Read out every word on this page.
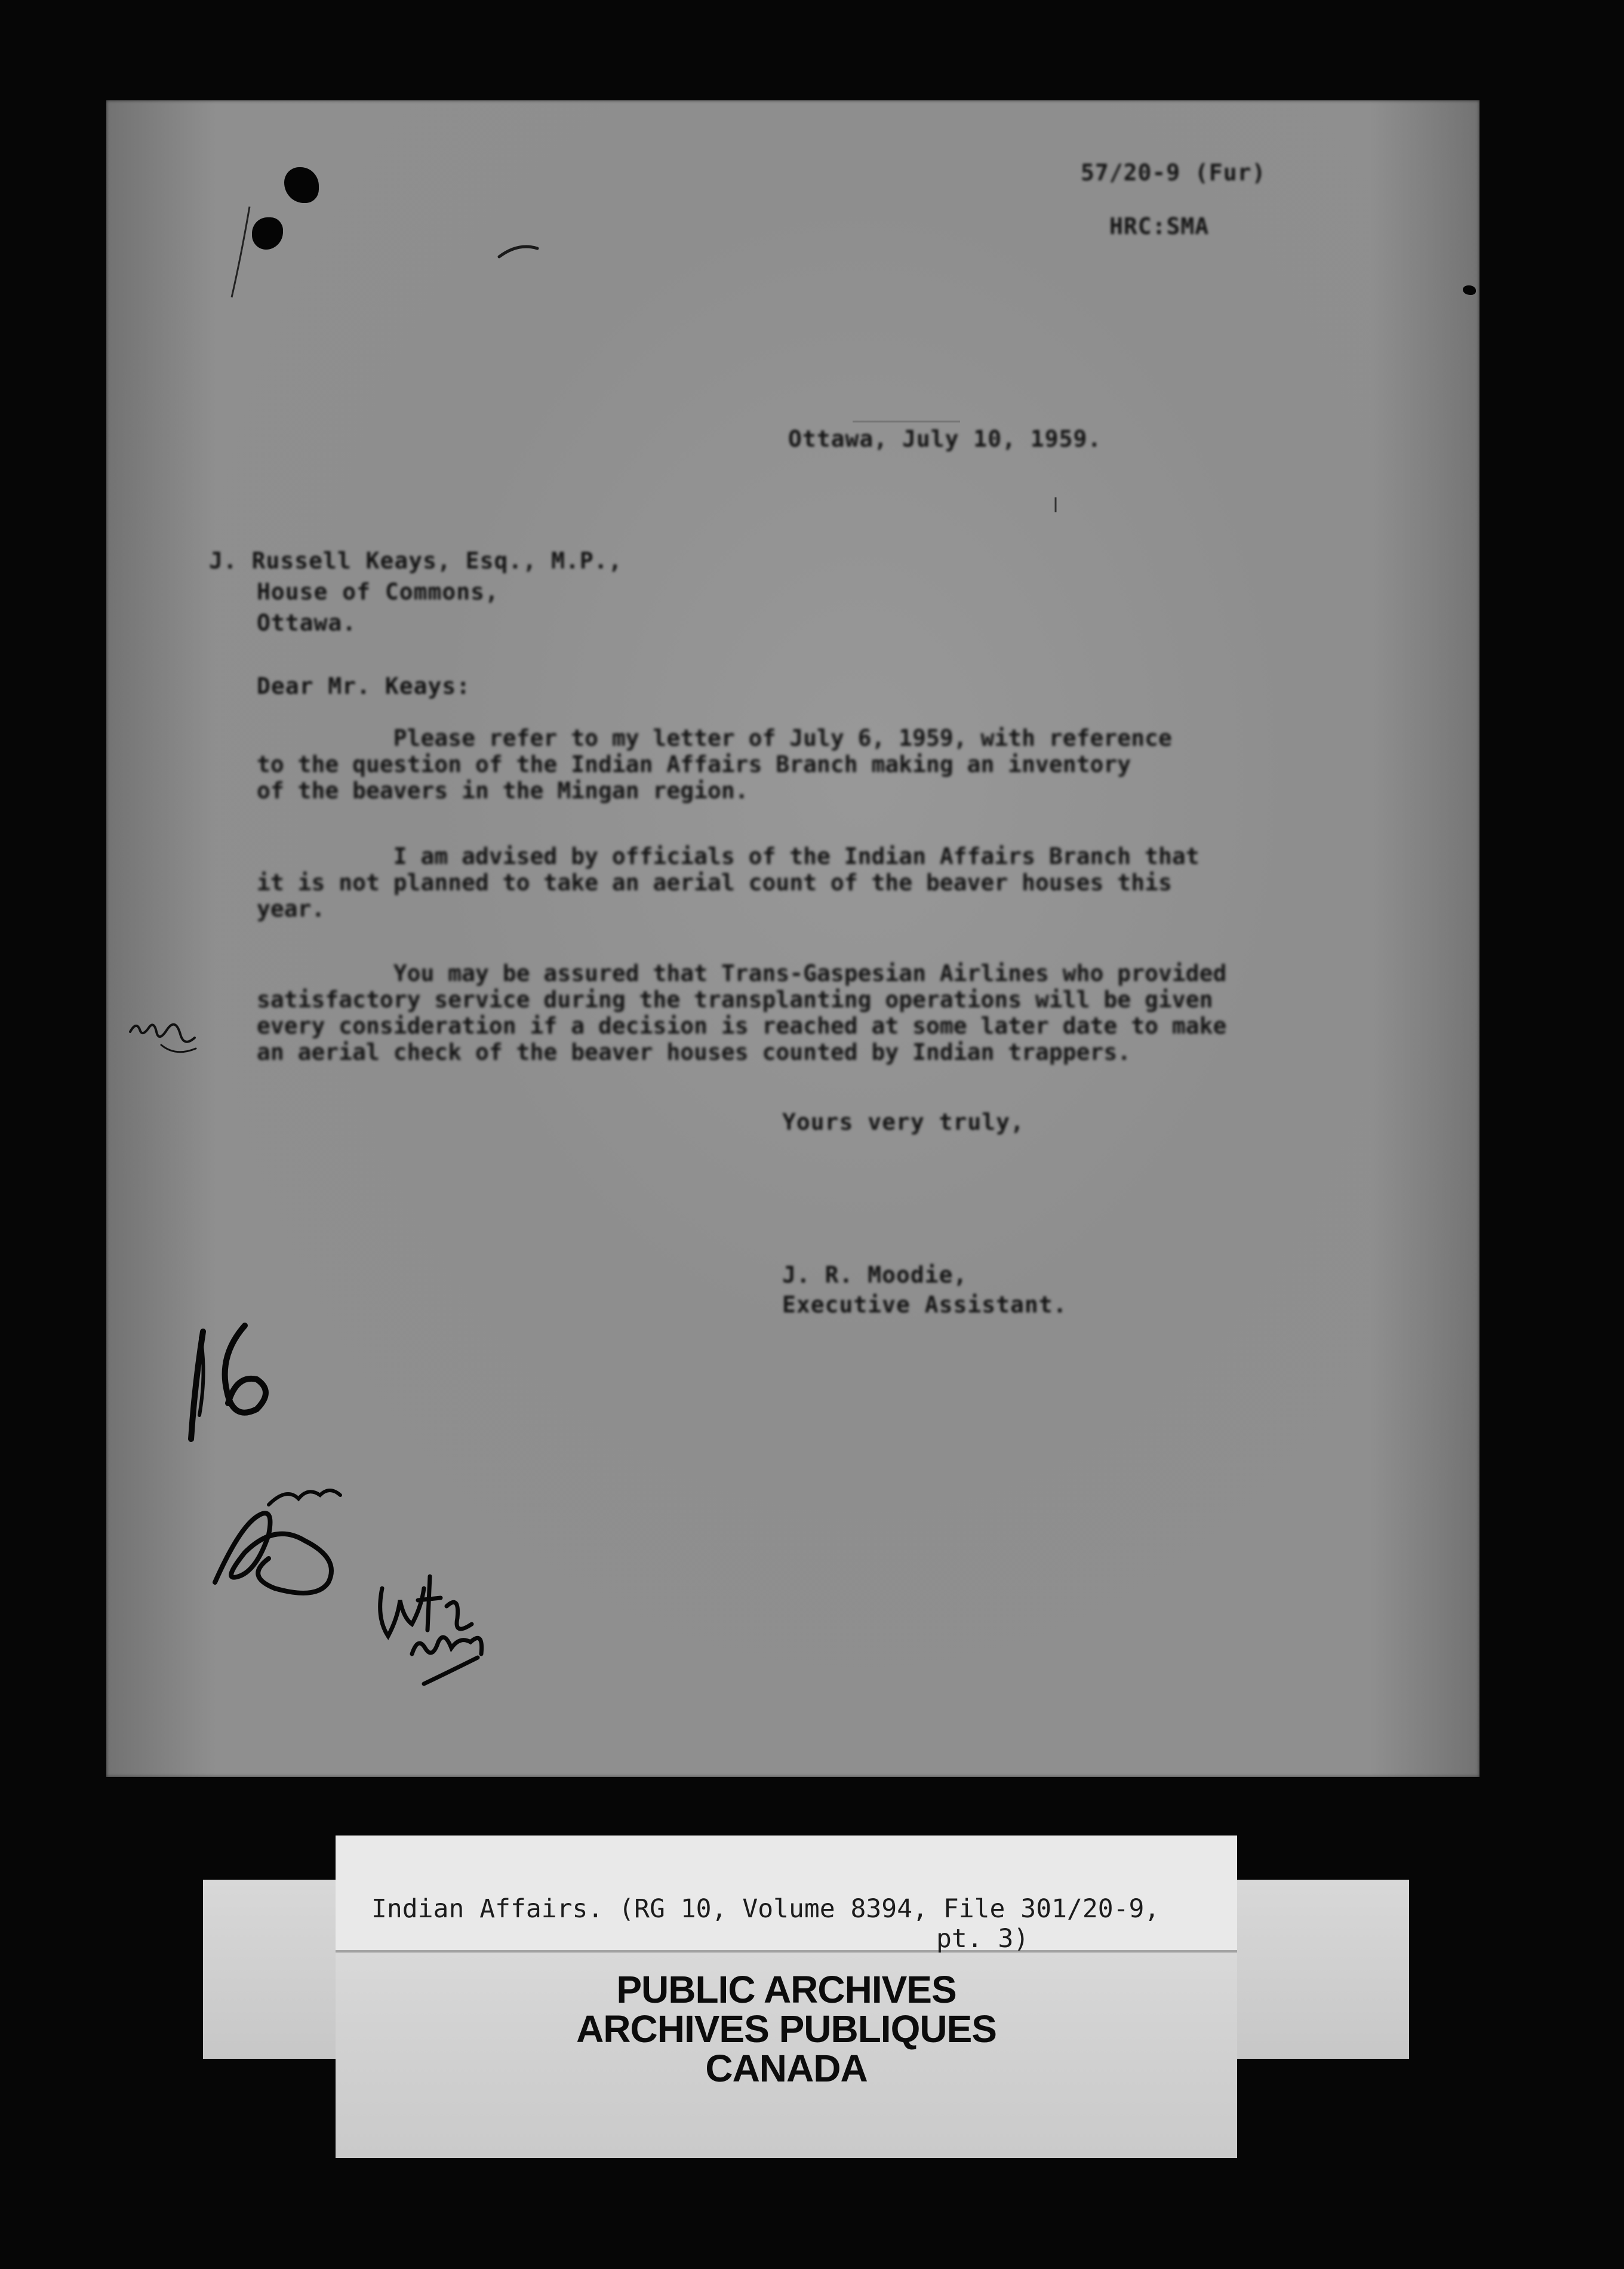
57/20-9 (Fur)

HRC:SMA

Ottawa, July 10, 1959.

J. Russell Keays, Esq., M.P.,

House of Commons,

Ottawa.

Dear Mr. Keays:

Please refer to my letter of July 6, 1959, with reference
to the question of the Indian Affairs Branch making an inventory
of the beavers in the Mingan region.
I am advised by officials of the Indian Affairs Branch that
it is not planned to take an aerial count of the beaver houses this
year.
You may be assured that Trans-Gaspesian Airlines who provided
satisfactory service during the transplanting operations will be given
every consideration if a decision is reached at some later date to make
an aerial check of the beaver houses counted by Indian trappers.

Yours very truly,

J. R. Moodie,

Executive Assistant.

Indian Affairs. (RG 10, Volume 8394, File 301/20-9,

pt. 3)

PUBLIC ARCHIVES

ARCHIVES PUBLIQUES

CANADA
